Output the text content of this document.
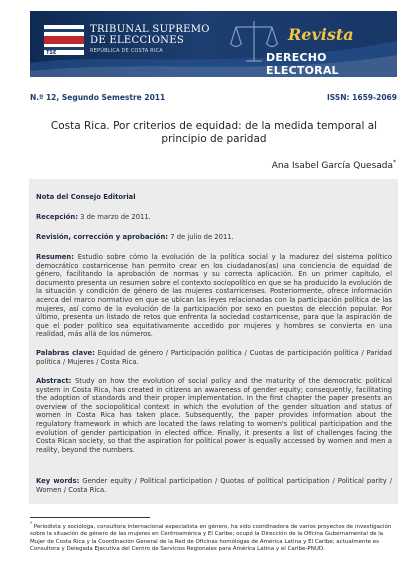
TSE
TRIBUNAL SUPREMO
DE ELECCIONES
REPÚBLICA DE COSTA RICA
Revista
DERECHO ELECTORAL
N.º 12, Segundo Semestre 2011	ISSN: 1659-2069
Costa Rica. Por criterios de equidad: de la medida temporal al
principio de paridad
Ana Isabel García Quesada*
Nota del Consejo Editorial
Recepción: 3 de marzo de 2011.
Revisión, corrección y aprobación: 7 de julio de 2011.
Resumen: Estudio sobre cómo la evolución de la política social y la madurez del sistema político democrático costarricense han permito crear en los ciudadanos(as) una conciencia de equidad de género, facilitando la aprobación de normas y su correcta aplicación. En un primer capítulo, el documento presenta un resumen sobre el contexto sociopolítico en que se ha producido la evolución de la situación y condición de género de las mujeres costarricenses. Posteriormente, ofrece información acerca del marco normativo en que se ubican las leyes relacionadas con la participación política de las mujeres, así como de la evolución de la participación por sexo en puestos de elección popular. Por último, presenta un listado de retos que enfrenta la sociedad costarricense, para que la aspiración de que el poder político sea equitativamente accedido por mujeres y hombres se convierta en una realidad, más allá de los números.
Palabras clave: Equidad de género / Participación política / Cuotas de participación política / Paridad política / Mujeres / Costa Rica.
Abstract: Study on how the evolution of social policy and the maturity of the democratic political system in Costa Rica, has created in citizens an awareness of gender equity; consequently, facilitating the adoption of standards and their proper implementation. In the first chapter the paper presents an overview of the sociopolitical context in which the evolution of the gender situation and status of women in Costa Rica has taken place. Subsequently, the paper provides information about the regulatory framework in which are located the laws relating to women's political participation and the evolution of gender participation in elected office. Finally, it presents a list of challenges facing the Costa Rican society, so that the aspiration for political power is equally accessed by women and men a reality, beyond the numbers.
Key words: Gender equity / Political participation / Quotas of political participation / Political parity / Women / Costa Rica.
* Periodista y socióloga, consultora internacional especialista en género, ha sido coordinadora de varios proyectos de investigación sobre la situación de género de las mujeres en Centroamérica y El Caribe; ocupó la Dirección de la Oficina Gubernamental de la Mujer de Costa Rica y la Coordinación General de la Red de Oficinas homólogas de América Latina y El Caribe; actualmente es Consultora y Delegada Ejecutiva del Centro de Servicios Regionales para América Latina y el Caribe-PNUD.
